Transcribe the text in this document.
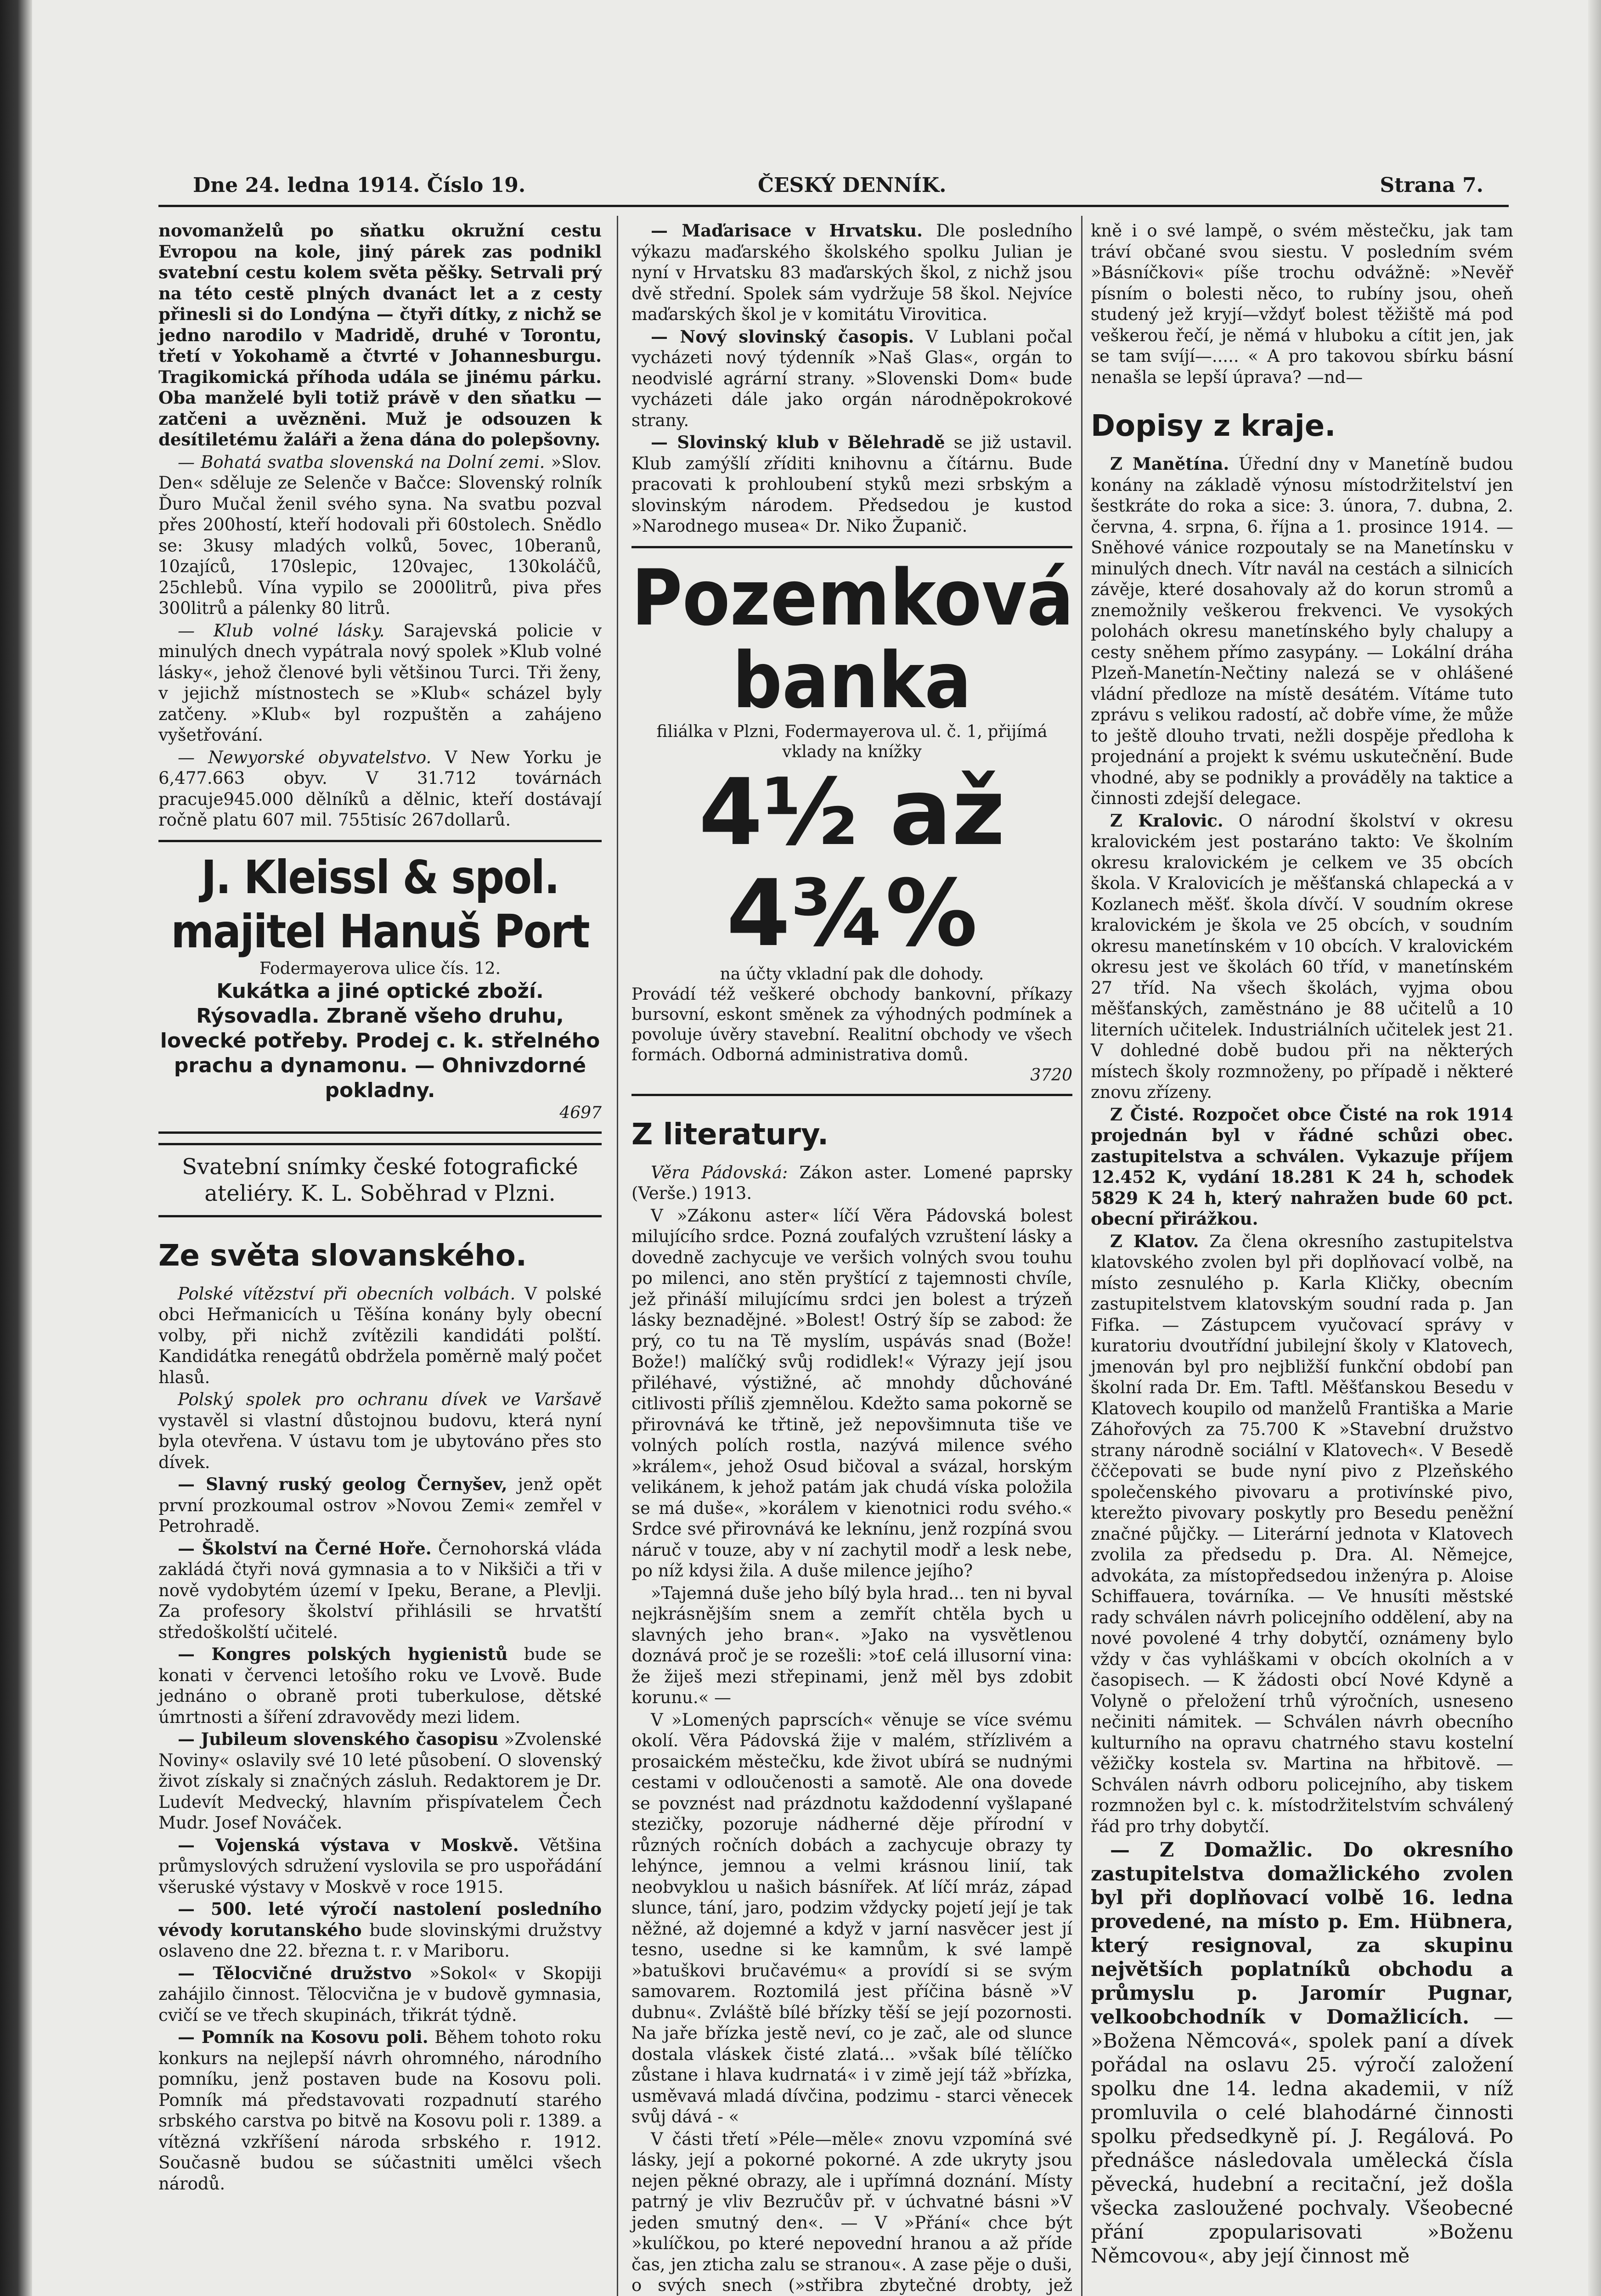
Dne 24. ledna 1914. Číslo 19.	ČESKÝ DENNÍK.	Strana 7.

novomanželů po sňatku okružní cestu Evropou na kole, jiný párek zas podnikl svatební cestu kolem světa pěšky. Setrvali prý na této cestě plných dvanáct let a z cesty přinesli si do Londýna — čtyři dítky, z nichž se jedno narodilo v Madridě, druhé v Torontu, třetí v Yokohamě a čtvrté v Johannesburgu. Tragikomická příhoda udála se jinému párku. Oba manželé byli totiž právě v den sňatku — zatčeni a uvězněni. Muž je odsouzen k desítiletému žaláři a žena dána do polepšovny.

— Bohatá svatba slovenská na Dolní zemi. »Slov. Den« sděluje ze Selenče v Bačce: Slovenský rolník Ďuro Mučal ženil svého syna. Na svatbu pozval přes 200hostí, kteří hodovali při 60stolech. Snědlo se: 3kusy mladých volků, 5ovec, 10beranů, 10zajíců, 170slepic, 120vajec, 130koláčů, 25chlebů. Vína vypilo se 2000litrů, piva přes 300litrů a pálenky 80 litrů.

— Klub volné lásky. Sarajevská policie v minulých dnech vypátrala nový spolek »Klub volné lásky«, jehož členové byli většinou Turci. Tři ženy, v jejichž místnostech se »Klub« scházel byly zatčeny. »Klub« byl rozpuštěn a zahájeno vyšetřování.

— Newyorské obyvatelstvo. V New Yorku je 6,477.663 obyv. V 31.712 továrnách pracuje945.000 dělníků a dělnic, kteří dostávají ročně platu 607 mil. 755tisíc 267dollarů.

J. Kleissl & spol. majitel Hanuš Port
Fodermayerova ulice čís. 12.
Kukátka a jiné optické zboží. Rýsovadla. Zbraně všeho druhu, lovecké potřeby. Prodej c. k. střelného prachu a dynamonu. — Ohnivzdorné pokladny.
4697
Svatební snímky české fotografické ateliéry. K. L. Soběhrad v Plzni.
Ze světa slovanského.

Polské vítězství při obecních volbách. V polské obci Heřmanicích u Těšína konány byly obecní volby, při nichž zvítězili kandidáti polští. Kandidátka renegátů obdržela poměrně malý počet hlasů.

Polský spolek pro ochranu dívek ve Varšavě vystavěl si vlastní důstojnou budovu, která nyní byla otevřena. V ústavu tom je ubytováno přes sto dívek.

— Slavný ruský geolog Černyšev, jenž opět první prozkoumal ostrov »Novou Zemi« zemřel v Petrohradě.

— Školství na Černé Hoře. Černohorská vláda zakládá čtyři nová gymnasia a to v Nikšiči a tři v nově vydobytém území v Ipeku, Berane, a Plevlji. Za profesory školství přihlásili se hrvatští středoškolští učitelé.

— Kongres polských hygienistů bude se konati v červenci letošího roku ve Lvově. Bude jednáno o obraně proti tuberkulose, dětské úmrtnosti a šíření zdravovědy mezi lidem.

— Jubileum slovenského časopisu »Zvolenské Noviny« oslavily své 10 leté působení. O slovenský život získaly si značných zásluh. Redaktorem je Dr. Ludevít Medvecký, hlavním přispívatelem Čech Mudr. Josef Nováček.

— Vojenská výstava v Moskvě. Většina průmyslových sdružení vyslovila se pro uspořádání všeruské výstavy v Moskvě v roce 1915.

— 500. leté výročí nastolení posledního vévody korutanského bude slovinskými družstvy oslaveno dne 22. března t. r. v Mariboru.

— Tělocvičné družstvo »Sokol« v Skopiji zahájilo činnost. Tělocvična je v budově gymnasia, cvičí se ve třech skupinách, třikrát týdně.

— Pomník na Kosovu poli. Během tohoto roku konkurs na nejlepší návrh ohromného, národního pomníku, jenž postaven bude na Kosovu poli. Pomník má představovati rozpadnutí starého srbského carstva po bitvě na Kosovu poli r. 1389. a vítězná vzkříšení národa srbského r. 1912. Současně budou se súčastniti umělci všech národů.

— Maďarisace v Hrvatsku. Dle posledního výkazu maďarského školského spolku Julian je nyní v Hrvatsku 83 maďarských škol, z nichž jsou dvě střední. Spolek sám vydržuje 58 škol. Nejvíce maďarských škol je v komitátu Virovitica.

— Nový slovinský časopis. V Lublani počal vycházeti nový týdenník »Naš Glas«, orgán to neodvislé agrární strany. »Slovenski Dom« bude vycházeti dále jako orgán národněpokrokové strany.

— Slovinský klub v Bělehradě se již ustavil. Klub zamýšlí zříditi knihovnu a čítárnu. Bude pracovati k prohloubení styků mezi srbským a slovinským národem. Předsedou je kustod »Narodnego musea« Dr. Niko Županič.

Pozemková banka
filiálka v Plzni, Fodermayerova ul. č. 1, přijímá vklady na knížky
4½ až 4¾%
na účty vkladní pak dle dohody.
Provádí též veškeré obchody bankovní, příkazy bursovní, eskont směnek za výhodných podmínek a povoluje úvěry stavební. Realitní obchody ve všech formách. Odborná administrativa domů.
3720
Z literatury.

Věra Pádovská: Zákon aster. Lomené paprsky (Verše.) 1913.

V »Zákonu aster« líčí Věra Pádovská bolest milujícího srdce. Pozná zoufalých vzruštení lásky a dovedně zachycuje ve veršich volných svou touhu po milenci, ano stěn pryštící z tajemnosti chvíle, jež přináší milujícímu srdci jen bolest a trýzeň lásky beznadějné. »Bolest! Ostrý šíp se zabod: že prý, co tu na Tě myslím, uspávás snad (Bože! Bože!) malíčký svůj rodidlek!« Výrazy její jsou přiléhavé, výstižné, ač mnohdy důchováné citlivosti příliš zjemnělou. Kdežto sama pokorně se přirovnává ke třtině, jež nepovšimnuta tiše ve volných polích rostla, nazývá milence svého »králem«, jehož Osud bičoval a svázal, horským velikánem, k jehož patám jak chudá víska položila se má duše«, »korálem v kienotnici rodu svého.« Srdce své přirovnává ke leknínu, jenž rozpíná svou náruč v touze, aby v ní zachytil modř a lesk nebe, po níž kdysi žila. A duše milence jejího?

»Tajemná duše jeho bílý byla hrad... ten ni byval nejkrásnějším snem a zemřít chtěla bych u slavných jeho bran«. »Jako na vysvětlenou doznává proč je se rozešli: »to£ celá illusorní vina: že žiješ mezi střepinami, jenž měl bys zdobit korunu.« —

V »Lomených paprscích« věnuje se více svému okolí. Věra Pádovská žije v malém, střízlivém a prosaickém městečku, kde život ubírá se nudnými cestami v odloučenosti a samotě. Ale ona dovede se povznést nad prázdnotu každodenní vyšlapané stezičky, pozoruje nádherné děje přírodní v různých ročních dobách a zachycuje obrazy ty lehýnce, jemnou a velmi krásnou linií, tak neobvyklou u našich básnířek. Ať líčí mráz, západ slunce, tání, jaro, podzim vždycky pojetí její je tak něžné, až dojemné a když v jarní nasvěcer jest jí tesno, usedne si ke kamnům, k své lampě »batuškovi bručavému« a provídí si se svým samovarem. Roztomilá jest příčina básně »V dubnu«. Zvláště bílé břízky těší se její pozornosti. Na jaře břízka jestě neví, co je zač, ale od slunce dostala vláskek čisté zlatá... »však bílé tělíčko zůstane i hlava kudrnatá« i v zimě její táž »břízka, usměvavá mladá dívčina, podzimu - starci věnecek svůj dává - «

V části třetí »Péle—měle« znovu vzpomíná své lásky, její a pokorné pokorné. A zde ukryty jsou nejen pěkné obrazy, ale i upřímná doznání. Místy patrný je vliv Bezručův př. v úchvatné básni »V jeden smutný den«. — V »Přání« chce být »kulíčkou, po které nepovední hranou a až příde čas, jen zticha zalu se stranou«. A zase pěje o duši, o svých snech (»střibra zbytečné drobty, jež

kně i o své lampě, o svém městečku, jak tam tráví občané svou siestu. V posledním svém »Básníčkovi« píše trochu odvážně: »Nevěř písním o bolesti něco, to rubíny jsou, oheň studený jež kryjí—vždyť bolest těžiště má pod veškerou řečí, je němá v hluboku a cítit jen, jak se tam svíjí—..... « A pro takovou sbírku básní nenašla se lepší úprava? —nd—

Dopisy z kraje.

Z Manětína. Úřední dny v Manetíně budou konány na základě výnosu místodržitelství jen šestkráte do roka a sice: 3. února, 7. dubna, 2. června, 4. srpna, 6. října a 1. prosince 1914. — Sněhové vánice rozpoutaly se na Manetínsku v minulých dnech. Vítr navál na cestách a silnicích závěje, které dosahovaly až do korun stromů a znemožnily veškerou frekvenci. Ve vysokých polohách okresu manetínského byly chalupy a cesty sněhem přímo zasypány. — Lokální dráha Plzeň-Manetín-Nečtiny nalezá se v ohlášené vládní předloze na místě desátém. Vítáme tuto zprávu s velikou radostí, ač dobře víme, že může to ještě dlouho trvati, nežli dospěje předloha k projednání a projekt k svému uskutečnění. Bude vhodné, aby se podnikly a prováděly na taktice a činnosti zdejší delegace.

Z Kralovic. O národní školství v okresu kralovickém jest postaráno takto: Ve školním okresu kralovickém je celkem ve 35 obcích škola. V Kralovicích je měšťanská chlapecká a v Kozlanech měšť. škola dívčí. V soudním okrese kralovickém je škola ve 25 obcích, v soudním okresu manetínském v 10 obcích. V kralovickém okresu jest ve školách 60 tříd, v manetínském 27 tříd. Na všech školách, vyjma obou měšťanských, zaměstnáno je 88 učitelů a 10 literních učitelek. Industriálních učitelek jest 21. V dohledné době budou při na některých místech školy rozmnoženy, po případě i některé znovu zřízeny.

Z Čisté. Rozpočet obce Čisté na rok 1914 projednán byl v řádné schůzi obec. zastupitelstva a schválen. Vykazuje příjem 12.452 K, vydání 18.281 K 24 h, schodek 5829 K 24 h, který nahražen bude 60 pct. obecní přirážkou.

Z Klatov. Za člena okresního zastupitelstva klatovského zvolen byl při doplňovací volbě, na místo zesnulého p. Karla Kličky, obecním zastupitelstvem klatovským soudní rada p. Jan Fifka. — Zástupcem vyučovací správy v kuratoriu dvoutřídní jubilejní školy v Klatovech, jmenován byl pro nejbližší funkční období pan školní rada Dr. Em. Taftl. Měšťanskou Besedu v Klatovech koupilo od manželů Františka a Marie Záhořových za 75.700 K »Stavební družstvo strany národně sociální v Klatovech«. V Besedě čččepovati se bude nyní pivo z Plzeňského společenského pivovaru a protivínské pivo, kterežto pivovary poskytly pro Besedu peněžní značné půjčky. — Literární jednota v Klatovech zvolila za předsedu p. Dra. Al. Němejce, advokáta, za místopředsedou inženýra p. Aloise Schiffauera, továrníka. — Ve hnusíti městské rady schválen návrh policejního oddělení, aby na nové povolené 4 trhy dobytčí, oznámeny bylo vždy v čas vyhláškami v obcích okolních a v časopisech. — K žádosti obcí Nové Kdyně a Volyně o přeložení trhů výročních, usneseno nečiniti námitek. — Schválen návrh obecního kulturního na opravu chatrného stavu kostelní věžičky kostela sv. Martina na hřbitově. — Schválen návrh odboru policejního, aby tiskem rozmnožen byl c. k. místodržitelstvím schválený řád pro trhy dobytčí.

— Z Domažlic. Do okresního zastupitelstva domažlického zvolen byl při doplňovací volbě 16. ledna provedené, na místo p. Em. Hübnera, který resignoval, za skupinu největších poplatníků obchodu a průmyslu p. Jaromír Pugnar, velkoobchodník v Domažlicích. — »Božena Němcová«, spolek paní a dívek pořádal na oslavu 25. výročí založení spolku dne 14. ledna akademii, v níž promluvila o celé blahodárné činnosti spolku předsedkyně pí. J. Regálová. Po přednášce následovala umělecká čísla pěvecká, hudební a recitační, jež došla všecka zasloužené pochvaly. Všeobecné přání zpopularisovati »Boženu Němcovou«, aby její činnost mě
